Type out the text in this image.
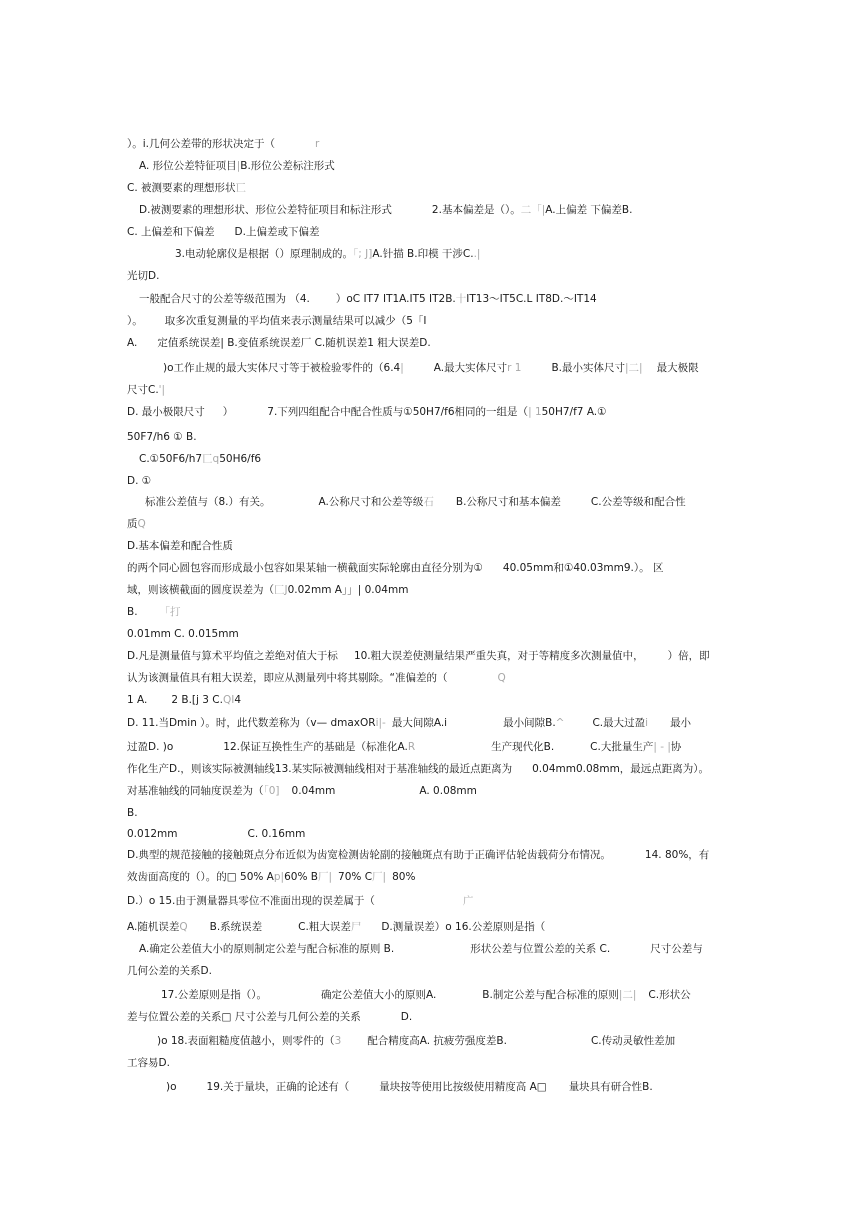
）。i.几何公差带的形状决定于（	r
A. 形位公差特征项目|B.形位公差标注形式
C. 被测要素的理想形状匸
D.被测要素的理想形状、形位公差特征项目和标注形式	2.基本偏差是（）。二「|A.上偏差 下偏差B.
C. 上偏差和下偏差 D.上偏差或下偏差
3.电动轮廓仪是根据（）原理制成的。「; J]A.针描 B.印模 干涉C..|
光切D.
一般配合尺寸的公差等级范围为 （4. ）oC IT7 IT1A.IT5 IT2B.十IT13～IT5C.L IT8D.～IT14
）。 取多次重复测量的平均值来表示测量结果可以减少（5「I
A. 定值系统误差| B.变值系统误差厂 C.随机误差1 粗大误差D.
)o工作止规的最大实体尺寸等于被检验零件的（6.4|	A.最大实体尺寸r 1	B.最小实体尺寸|二| 最大极限
尺寸C.'|
D. 最小极限尺寸 ）	7.下列四组配合中配合性质与①50H7/f6相同的一组是（| 150H7/f7 A.①
50F7/h6 ① B.
C.①50F6/h7匸q50H6/f6
D. ①
标准公差值与（8.）有关。	A.公称尺寸和公差等级石 B.公称尺寸和基本偏差	C.公差等级和配合性
质Q
D.基本偏差和配合性质
的两个同心圆包容而形成最小包容如果某轴一横截面实际轮廓由直径分别为① 40.05mm和①40.03mm9.）。 区
域，则该横截面的圆度误差为（匚J0.02mm A」」| 0.04mm
B. 「打
0.01mm C. 0.015mm
D.凡是测量值与算术平均值之差绝对值大于标 10.粗大误差使测量结果严重失真，对于等精度多次测量值中， ）倍，即
认为该测量值具有粗大误差，即应从测量列中将其剔除。“准偏差的（	Q
1 A. 2 B.[j 3 C.QI4
D. 11.当Dmin ）。时，此代数差称为（v— dmaxORi|- 最大间隙A.i	最小间隙B.^	C.最大过盈i 最小
过盈D. )o	12.保证互换性生产的基础是（标准化A.R	生产现代化B.	C.大批量生产| - |协
作化生产D.，则该实际被测轴线13.某实际被测轴线相对于基准轴线的最近点距离为 0.04mm0.08mm，最远点距离为）。
对基准轴线的同轴度误差为（「0] 0.04mm	A. 0.08mm
B.
0.012mm	C. 0.16mm
D.典型的规范接触的接触斑点分布近似为齿宽检测齿轮副的接触斑点有助于正确评估轮齿载荷分布情况。	14. 80%，有
效齿面高度的（）。的□ 50% Ap|60% B厂| 70% C厂| 80%
D.）o 15.由于测量器具零位不准面出现的误差属于（	广
A.随机误差Q B.系统误差	C.粗大误差尸 D.测量误差）o 16.公差原则是指（
A.确定公差值大小的原则制定公差与配合标准的原则 B.	形状公差与位置公差的关系 C.	尺寸公差与
几何公差的关系D.
17.公差原则是指（）。	确定公差值大小的原则A.	B.制定公差与配合标准的原则|二| C.形状公
差与位置公差的关系□ 尺寸公差与几何公差的关系	D.
)o 18.表面粗糙度值越小，则零件的（3 配合精度高A. 抗疲劳强度差B.	C.传动灵敏性差加
工容易D.
)o	19.关于量块，正确的论述有（	量块按等使用比按级使用精度高 A□ 量块具有研合性B.
